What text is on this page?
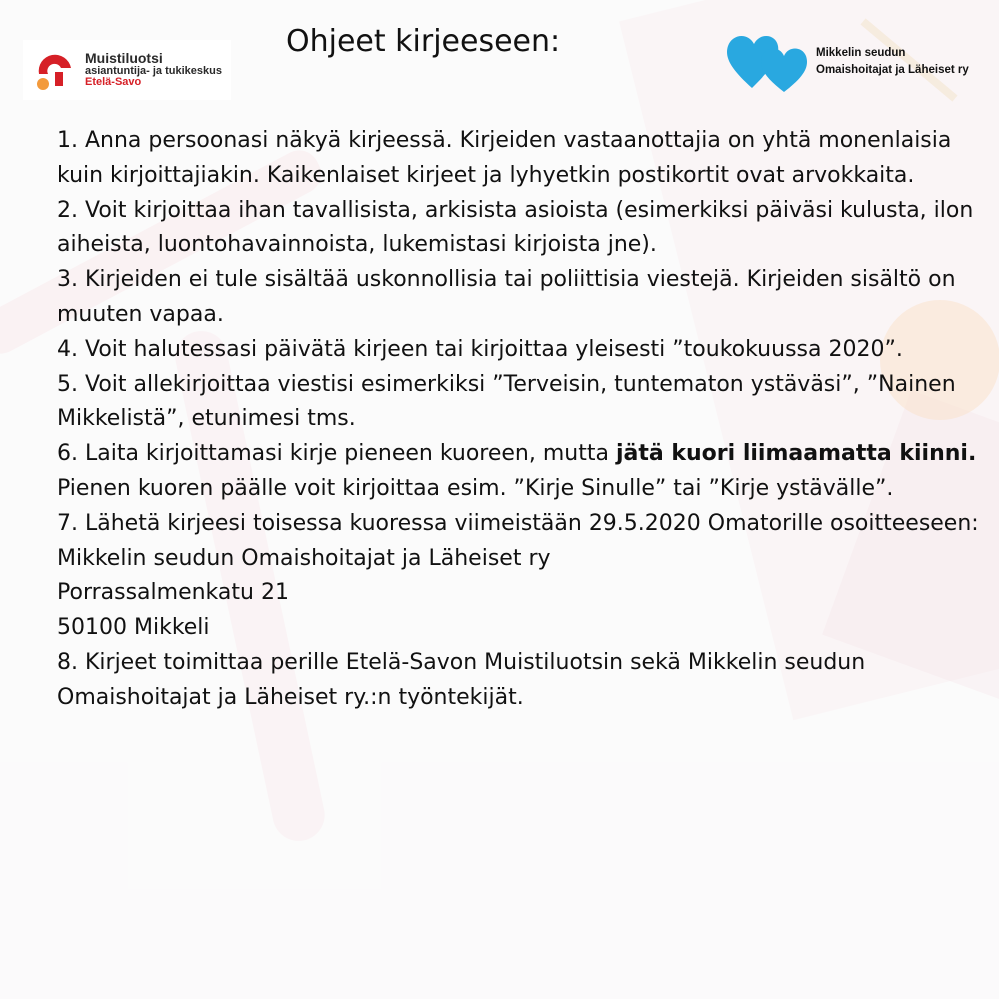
Muistiluotsi
asiantuntija- ja tukikeskus
Etelä-Savo
Ohjeet kirjeeseen:	Mikkelin seudun
Omaishoitajat ja Läheiset ry

1. Anna persoonasi näkyä kirjeessä. Kirjeiden vastaanottajia on yhtä monenlaisia kuin kirjoittajiakin. Kaikenlaiset kirjeet ja lyhyetkin postikortit ovat arvokkaita.

2. Voit kirjoittaa ihan tavallisista, arkisista asioista (esimerkiksi päiväsi kulusta, ilon aiheista, luontohavainnoista, lukemistasi kirjoista jne).

3. Kirjeiden ei tule sisältää uskonnollisia tai poliittisia viestejä. Kirjeiden sisältö on muuten vapaa.

4. Voit halutessasi päivätä kirjeen tai kirjoittaa yleisesti ”toukokuussa 2020”.

5. Voit allekirjoittaa viestisi esimerkiksi ”Terveisin, tuntematon ystäväsi”, ”Nainen Mikkelistä”, etunimesi tms.

6. Laita kirjoittamasi kirje pieneen kuoreen, mutta jätä kuori liimaamatta kiinni. Pienen kuoren päälle voit kirjoittaa esim. ”Kirje Sinulle” tai ”Kirje ystävälle”.

7. Lähetä kirjeesi toisessa kuoressa viimeistään 29.5.2020 Omatorille osoitteeseen:

Mikkelin seudun Omaishoitajat ja Läheiset ry

Porrassalmenkatu 21

50100 Mikkeli

8. Kirjeet toimittaa perille Etelä-Savon Muistiluotsin sekä Mikkelin seudun Omaishoitajat ja Läheiset ry.:n työntekijät.
